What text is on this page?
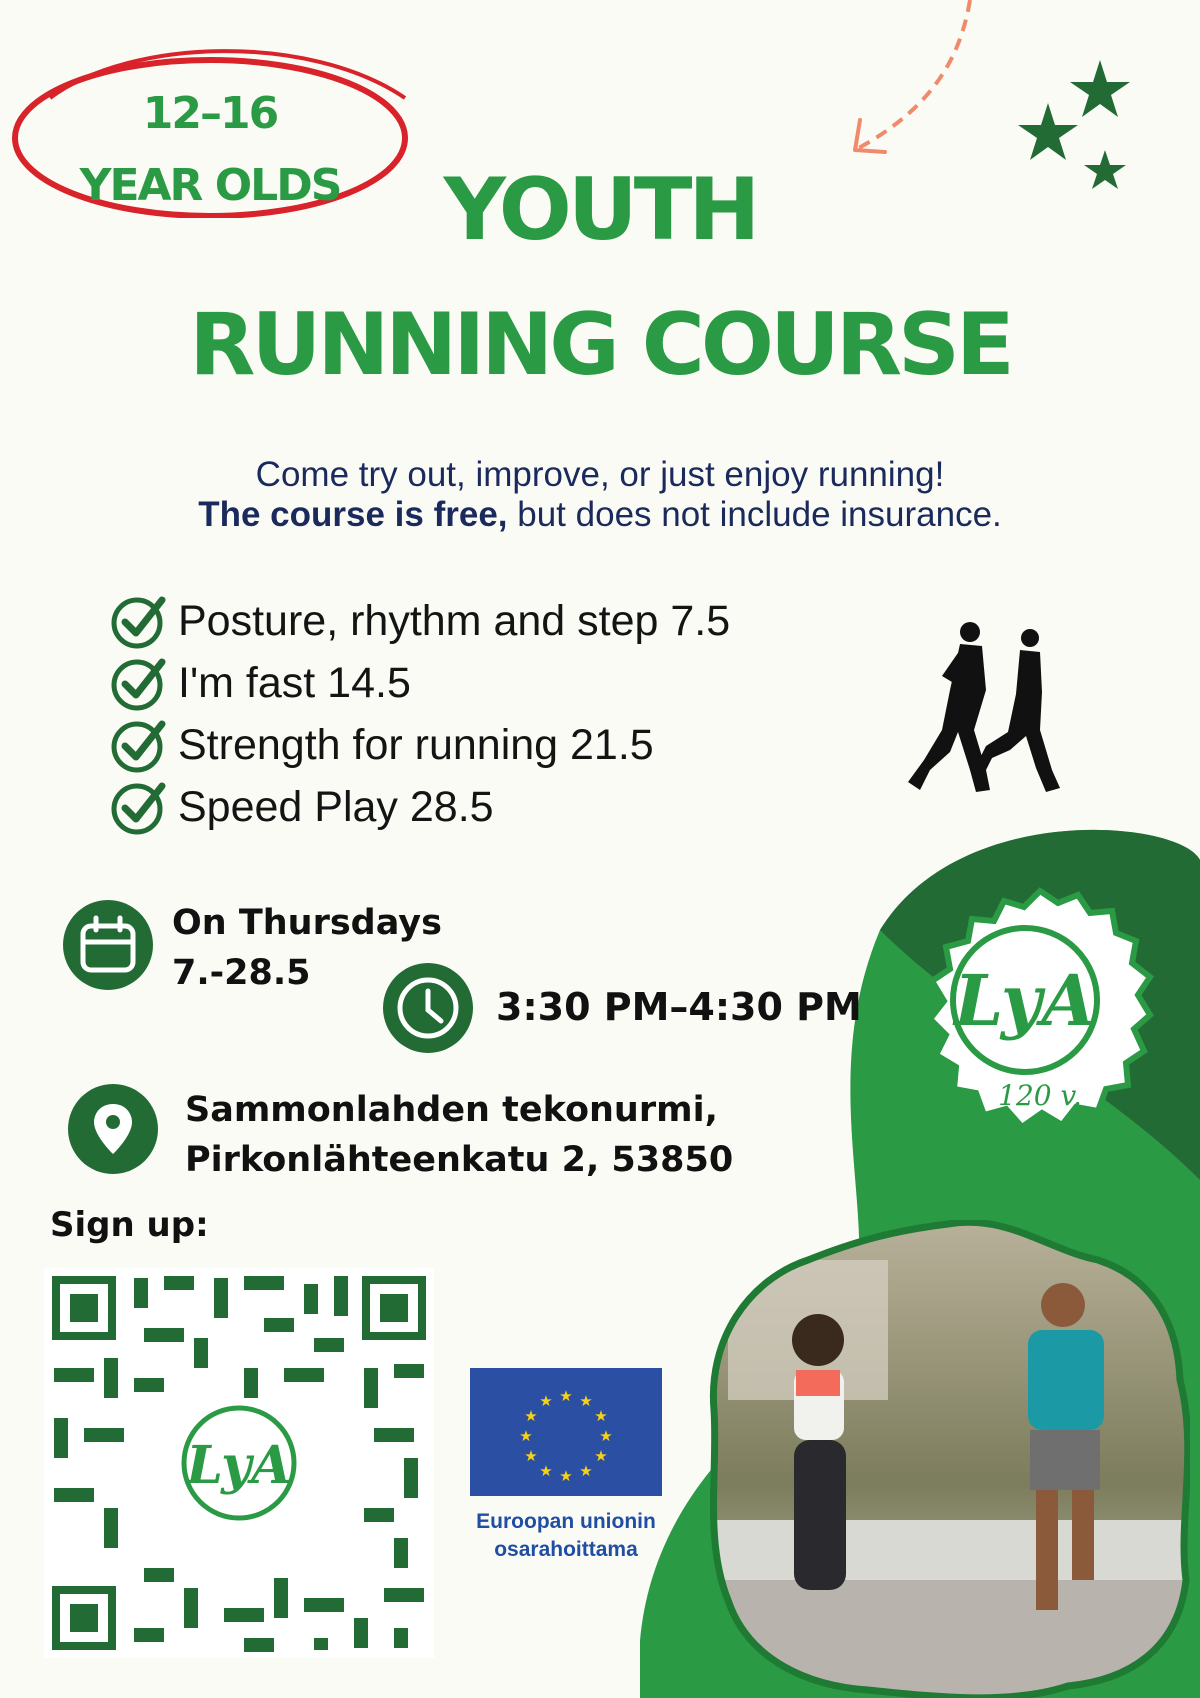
12–16
YEAR OLDS	YOUTH
RUNNING COURSE
Come try out, improve, or just enjoy running!
The course is free, but does not include insurance.
Posture, rhythm and step 7.5
I'm fast 14.5
Strength for running 21.5
Speed Play 28.5
On Thursdays
7.-28.5
3:30 PM–4:30 PM
Sammonlahden tekonurmi,
Pirkonlähteenkatu 2, 53850
LyA
120 v.
Sign up:
LyA
★ ★
★
★
★
★
★
★
★
★
★
★
Euroopan unionin
osarahoittama
